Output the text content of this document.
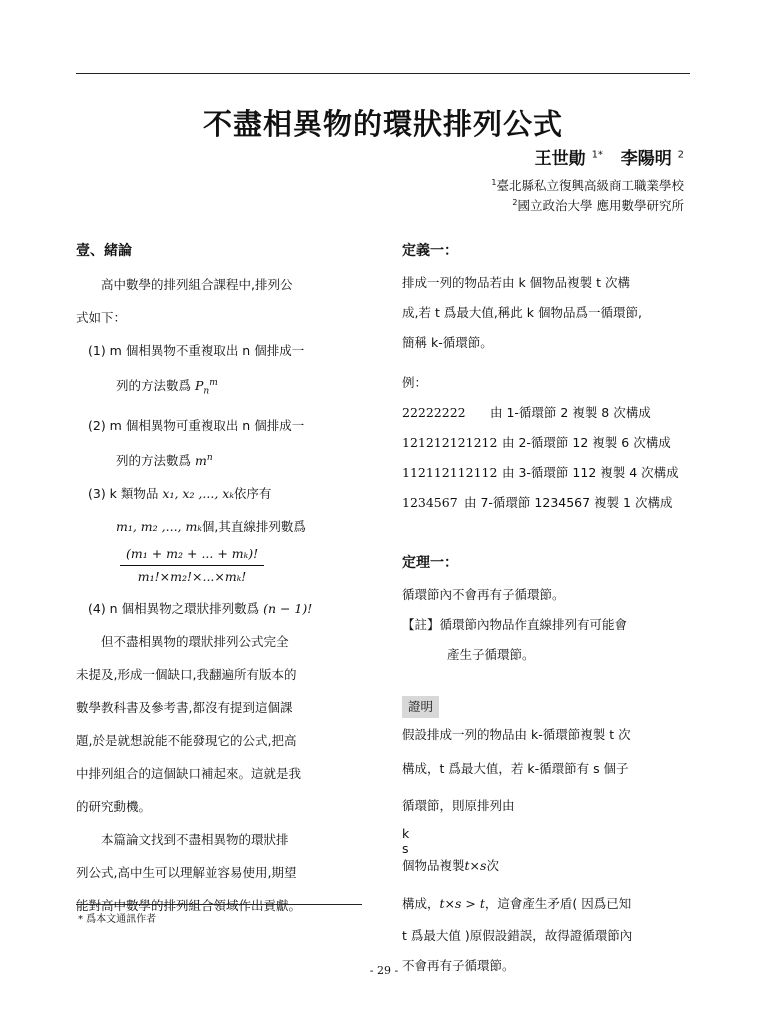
不盡相異物的環狀排列公式
王世勛 $^{1*}$ 李陽明 $^2$
$^1$臺北縣私立復興高級商工職業學校
$^2$國立政治大學 應用數學研究所
壹、緒論

高中數學的排列組合課程中,排列公

式如下：

(1) m 個相異物不重複取出 n 個排成一
列的方法數爲 $P_n^m$
(2) m 個相異物可重複取出 n 個排成一
列的方法數爲 $m^n$
(3) k 類物品 x₁, x₂ ,..., xₖ依序有
m₁, m₂ ,..., mₖ個,其直線排列數爲
$\frac{\text{(m₁ + m₂ + ... + mₖ)!}}{\text{m₁!×m₂!×...×mₖ!}}$
(4) n 個相異物之環狀排列數爲 (n − 1)!

但不盡相異物的環狀排列公式完全

未提及,形成一個缺口,我翻遍所有版本的

數學教科書及參考書,都沒有提到這個課

題,於是就想說能不能發現它的公式,把高

中排列組合的這個缺口補起來。這就是我

的研究動機。

本篇論文找到不盡相異物的環狀排

列公式,高中生可以理解並容易使用,期望

能對高中數學的排列組合領域作出貢獻。

* 爲本文通訊作者
定義一：

排成一列的物品若由 k 個物品複製 t 次構

成,若 t 爲最大值,稱此 k 個物品爲一循環節,

簡稱 k-循環節。

例：

22222222	由 1-循環節 2 複製 8 次構成
121212121212 由 2-循環節 12 複製 6 次構成
112112112112 由 3-循環節 112 複製 4 次構成
1234567 由 7-循環節 1234567 複製 1 次構成
定理一：

循環節內不會再有子循環節。

【註】循環節內物品作直線排列有可能會

產生子循環節。

證明

假設排成一列的物品由 k-循環節複製 t 次

構成，t 爲最大值，若 k-循環節有 s 個子

循環節，則原排列由

k
s
個物品複製t×s次

構成，t×s > t，這會產生矛盾( 因爲已知

t 爲最大值 )原假設錯誤，故得證循環節內

不會再有子循環節。

- 29 -
